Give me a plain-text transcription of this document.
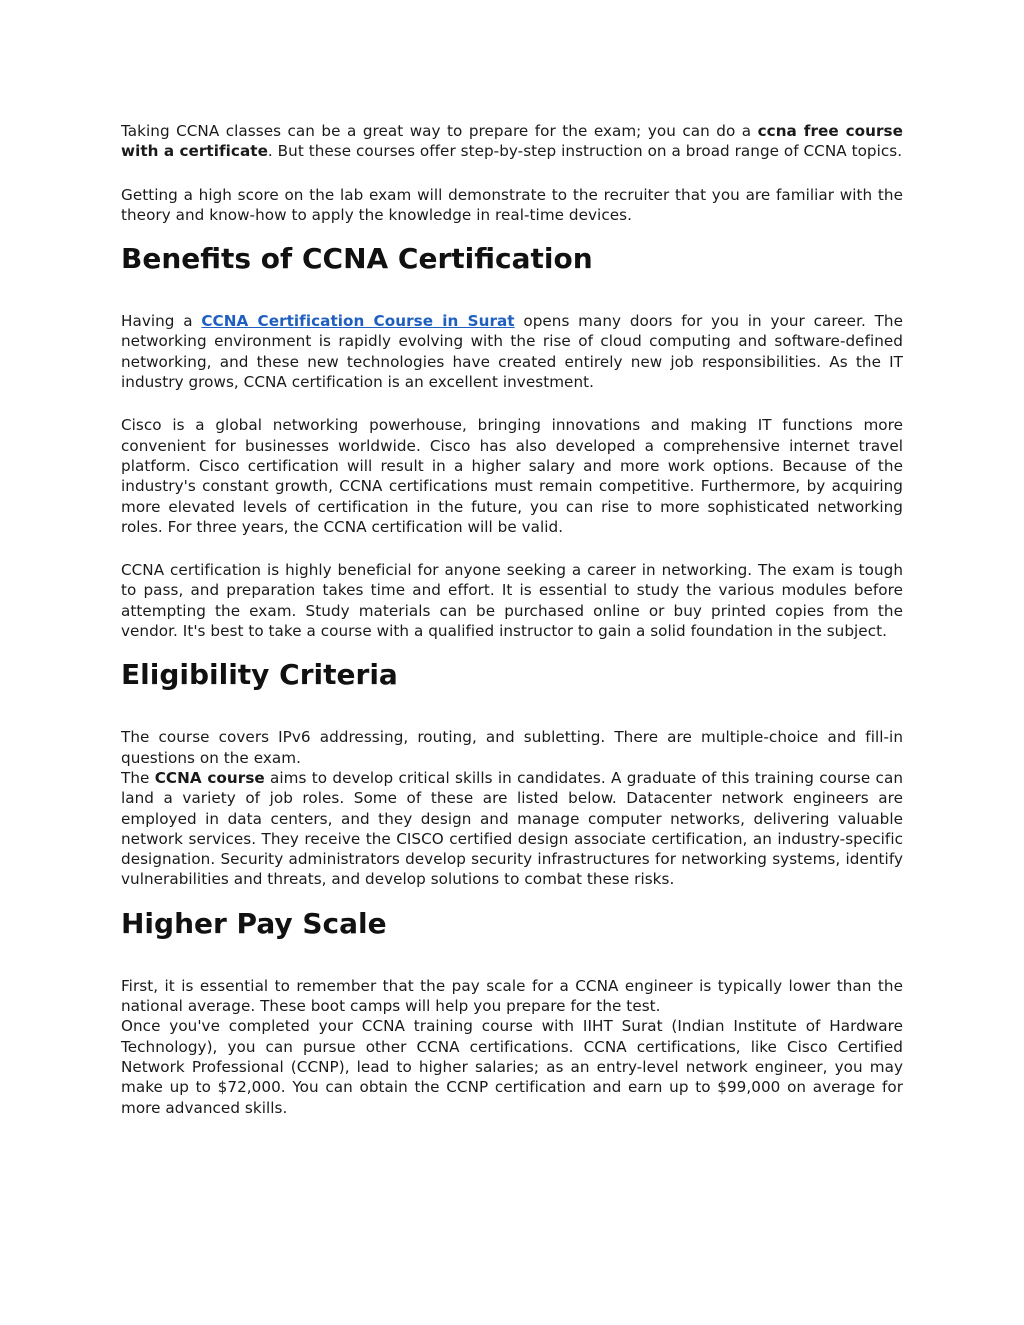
Taking CCNA classes can be a great way to prepare for the exam; you can do a ccna free course with a certificate. But these courses offer step-by-step instruction on a broad range of CCNA topics.

Getting a high score on the lab exam will demonstrate to the recruiter that you are familiar with the theory and know-how to apply the knowledge in real-time devices.

Benefits of CCNA Certification

Having a CCNA Certification Course in Surat opens many doors for you in your career. The networking environment is rapidly evolving with the rise of cloud computing and software-defined networking, and these new technologies have created entirely new job responsibilities. As the IT industry grows, CCNA certification is an excellent investment.

Cisco is a global networking powerhouse, bringing innovations and making IT functions more convenient for businesses worldwide. Cisco has also developed a comprehensive internet travel platform. Cisco certification will result in a higher salary and more work options. Because of the industry's constant growth, CCNA certifications must remain competitive. Furthermore, by acquiring more elevated levels of certification in the future, you can rise to more sophisticated networking roles. For three years, the CCNA certification will be valid.

CCNA certification is highly beneficial for anyone seeking a career in networking. The exam is tough to pass, and preparation takes time and effort. It is essential to study the various modules before attempting the exam. Study materials can be purchased online or buy printed copies from the vendor. It's best to take a course with a qualified instructor to gain a solid foundation in the subject.

Eligibility Criteria

The course covers IPv6 addressing, routing, and subletting. There are multiple-choice and fill-in questions on the exam.

The CCNA course aims to develop critical skills in candidates. A graduate of this training course can land a variety of job roles. Some of these are listed below. Datacenter network engineers are employed in data centers, and they design and manage computer networks, delivering valuable network services. They receive the CISCO certified design associate certification, an industry-specific designation. Security administrators develop security infrastructures for networking systems, identify vulnerabilities and threats, and develop solutions to combat these risks.

Higher Pay Scale

First, it is essential to remember that the pay scale for a CCNA engineer is typically lower than the national average. These boot camps will help you prepare for the test.

Once you've completed your CCNA training course with IIHT Surat (Indian Institute of Hardware Technology), you can pursue other CCNA certifications. CCNA certifications, like Cisco Certified Network Professional (CCNP), lead to higher salaries; as an entry-level network engineer, you may make up to $72,000. You can obtain the CCNP certification and earn up to $99,000 on average for more advanced skills.
